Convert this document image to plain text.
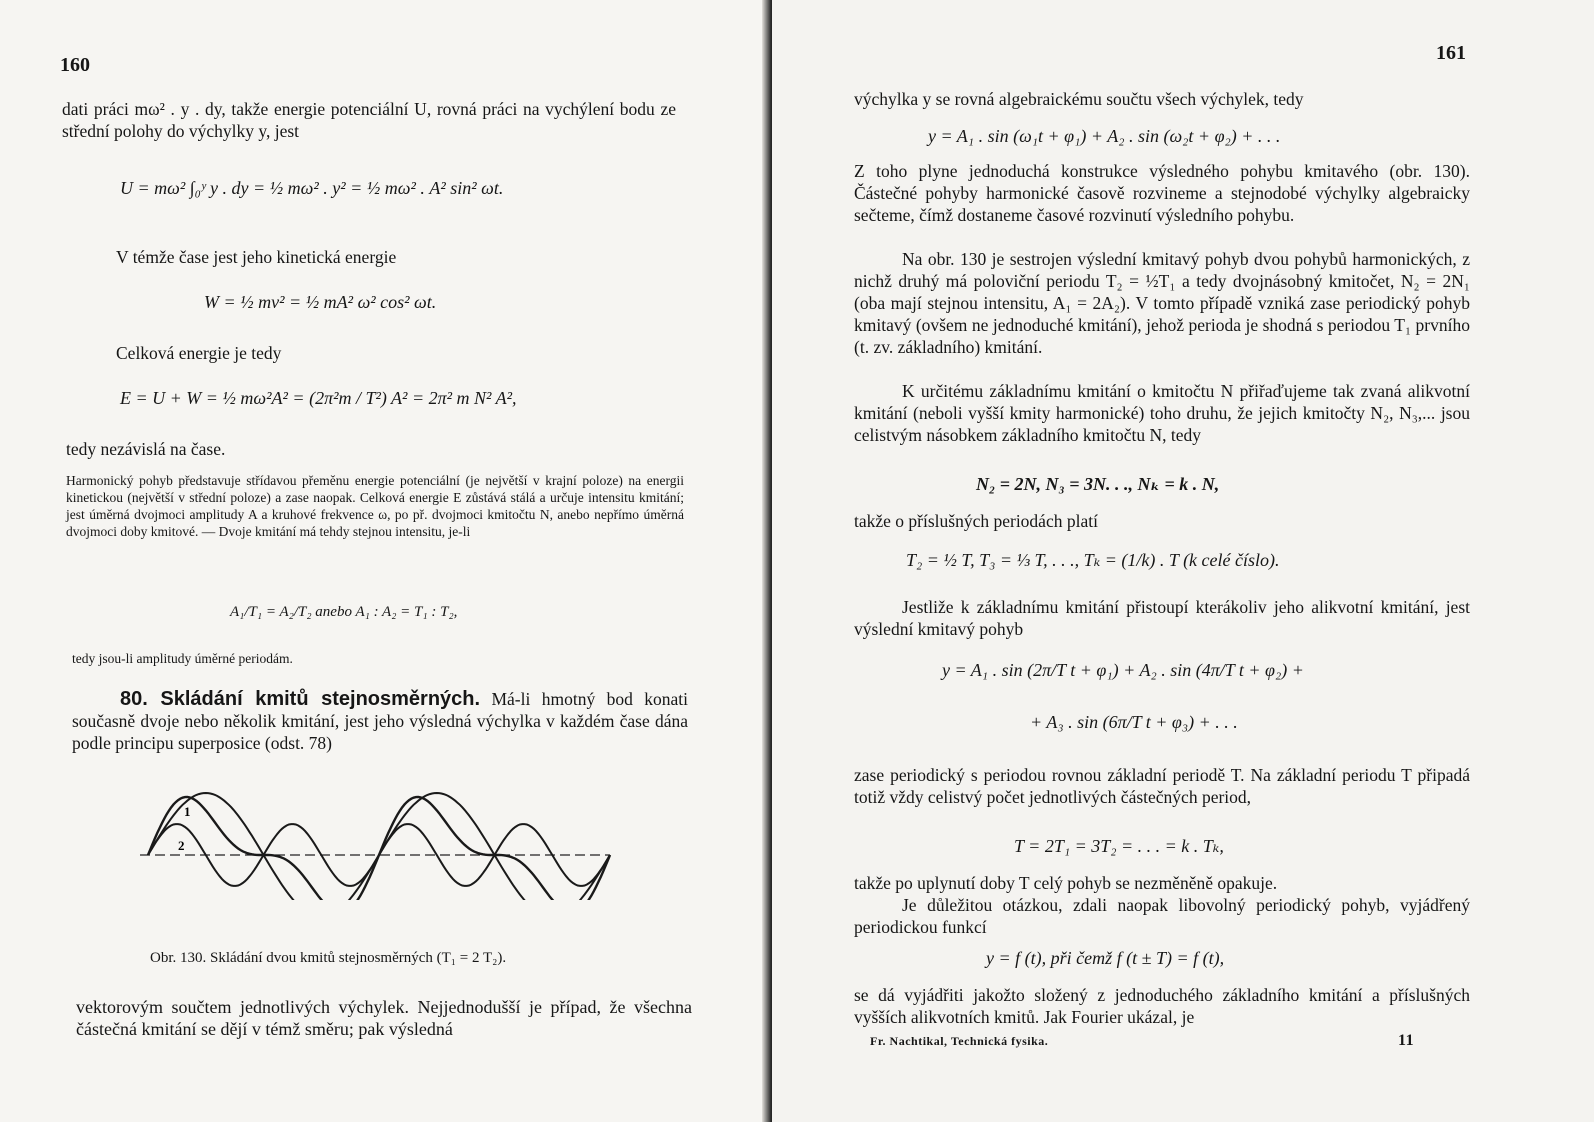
160

dati práci mω² . y . dy, takže energie potenciální U, rovná práci na vychýlení bodu ze střední polohy do výchylky y, jest

U = mω² ∫₀ʸ y . dy = ½ mω² . y² = ½ mω² . A² sin² ωt.

V témže čase jest jeho kinetická energie

W = ½ mv² = ½ mA² ω² cos² ωt.

Celková energie je tedy

E = U + W = ½ mω²A² = (2π²m / T²) A² = 2π² m N² A²,

tedy nezávislá na čase.

Harmonický pohyb představuje střídavou přeměnu energie potenciální (je největší v krajní poloze) na energii kinetickou (největší v střední poloze) a zase naopak. Celková energie E zůstává stálá a určuje intensitu kmitání; jest úměrná dvojmoci amplitudy A a kruhové frekvence ω, po př. dvojmoci kmitočtu N, anebo nepřímo úměrná dvojmoci doby kmitové. — Dvoje kmitání má tehdy stejnou intensitu, je-li

A₁/T₁ = A₂/T₂ anebo A₁ : A₂ = T₁ : T₂,

tedy jsou-li amplitudy úměrné periodám.

80. Skládání kmitů stejnosměrných. Má-li hmotný bod konati současně dvoje nebo několik kmitání, jest jeho výsledná výchylka v každém čase dána podle principu superposice (odst. 78)

1
2
Obr. 130. Skládání dvou kmitů stejnosměrných (T₁ = 2 T₂).

vektorovým součtem jednotlivých výchylek. Nejjednodušší je případ, že všechna částečná kmitání se dějí v témž směru; pak výsledná

161

výchylka y se rovná algebraickému součtu všech výchylek, tedy

y = A₁ . sin (ω₁t + φ₁) + A₂ . sin (ω₂t + φ₂) + . . .

Z toho plyne jednoduchá konstrukce výsledného pohybu kmitavého (obr. 130). Částečné pohyby harmonické časově rozvineme a stejnodobé výchylky algebraicky sečteme, čímž dostaneme časové rozvinutí výsledního pohybu.

Na obr. 130 je sestrojen výslední kmitavý pohyb dvou pohybů harmonických, z nichž druhý má poloviční periodu T₂ = ½T₁ a tedy dvojnásobný kmitočet, N₂ = 2N₁ (oba mají stejnou intensitu, A₁ = 2A₂). V tomto případě vzniká zase periodický pohyb kmitavý (ovšem ne jednoduché kmitání), jehož perioda je shodná s periodou T₁ prvního (t. zv. základního) kmitání.

K určitému základnímu kmitání o kmitočtu N přiřaďujeme tak zvaná alikvotní kmitání (neboli vyšší kmity harmonické) toho druhu, že jejich kmitočty N₂, N₃,... jsou celistvým násobkem základního kmitočtu N, tedy

N₂ = 2N, N₃ = 3N. . ., Nₖ = k . N,

takže o příslušných periodách platí

T₂ = ½ T, T₃ = ⅓ T, . . ., Tₖ = (1/k) . T (k celé číslo).

Jestliže k základnímu kmitání přistoupí kterákoliv jeho alikvotní kmitání, jest výslední kmitavý pohyb

y = A₁ . sin (2π/T t + φ₁) + A₂ . sin (4π/T t + φ₂) +
+ A₃ . sin (6π/T t + φ₃) + . . .

zase periodický s periodou rovnou základní periodě T. Na základní periodu T připadá totiž vždy celistvý počet jednotlivých částečných period,

T = 2T₁ = 3T₂ = . . . = k . Tₖ,

takže po uplynutí doby T celý pohyb se nezměněně opakuje.

Je důležitou otázkou, zdali naopak libovolný periodický pohyb, vyjádřený periodickou funkcí

y = f (t), při čemž f (t ± T) = f (t),

se dá vyjádřiti jakožto složený z jednoduchého základního kmitání a příslušných vyšších alikvotních kmitů. Jak Fourier ukázal, je

Fr. Nachtikal, Technická fysika.	11
